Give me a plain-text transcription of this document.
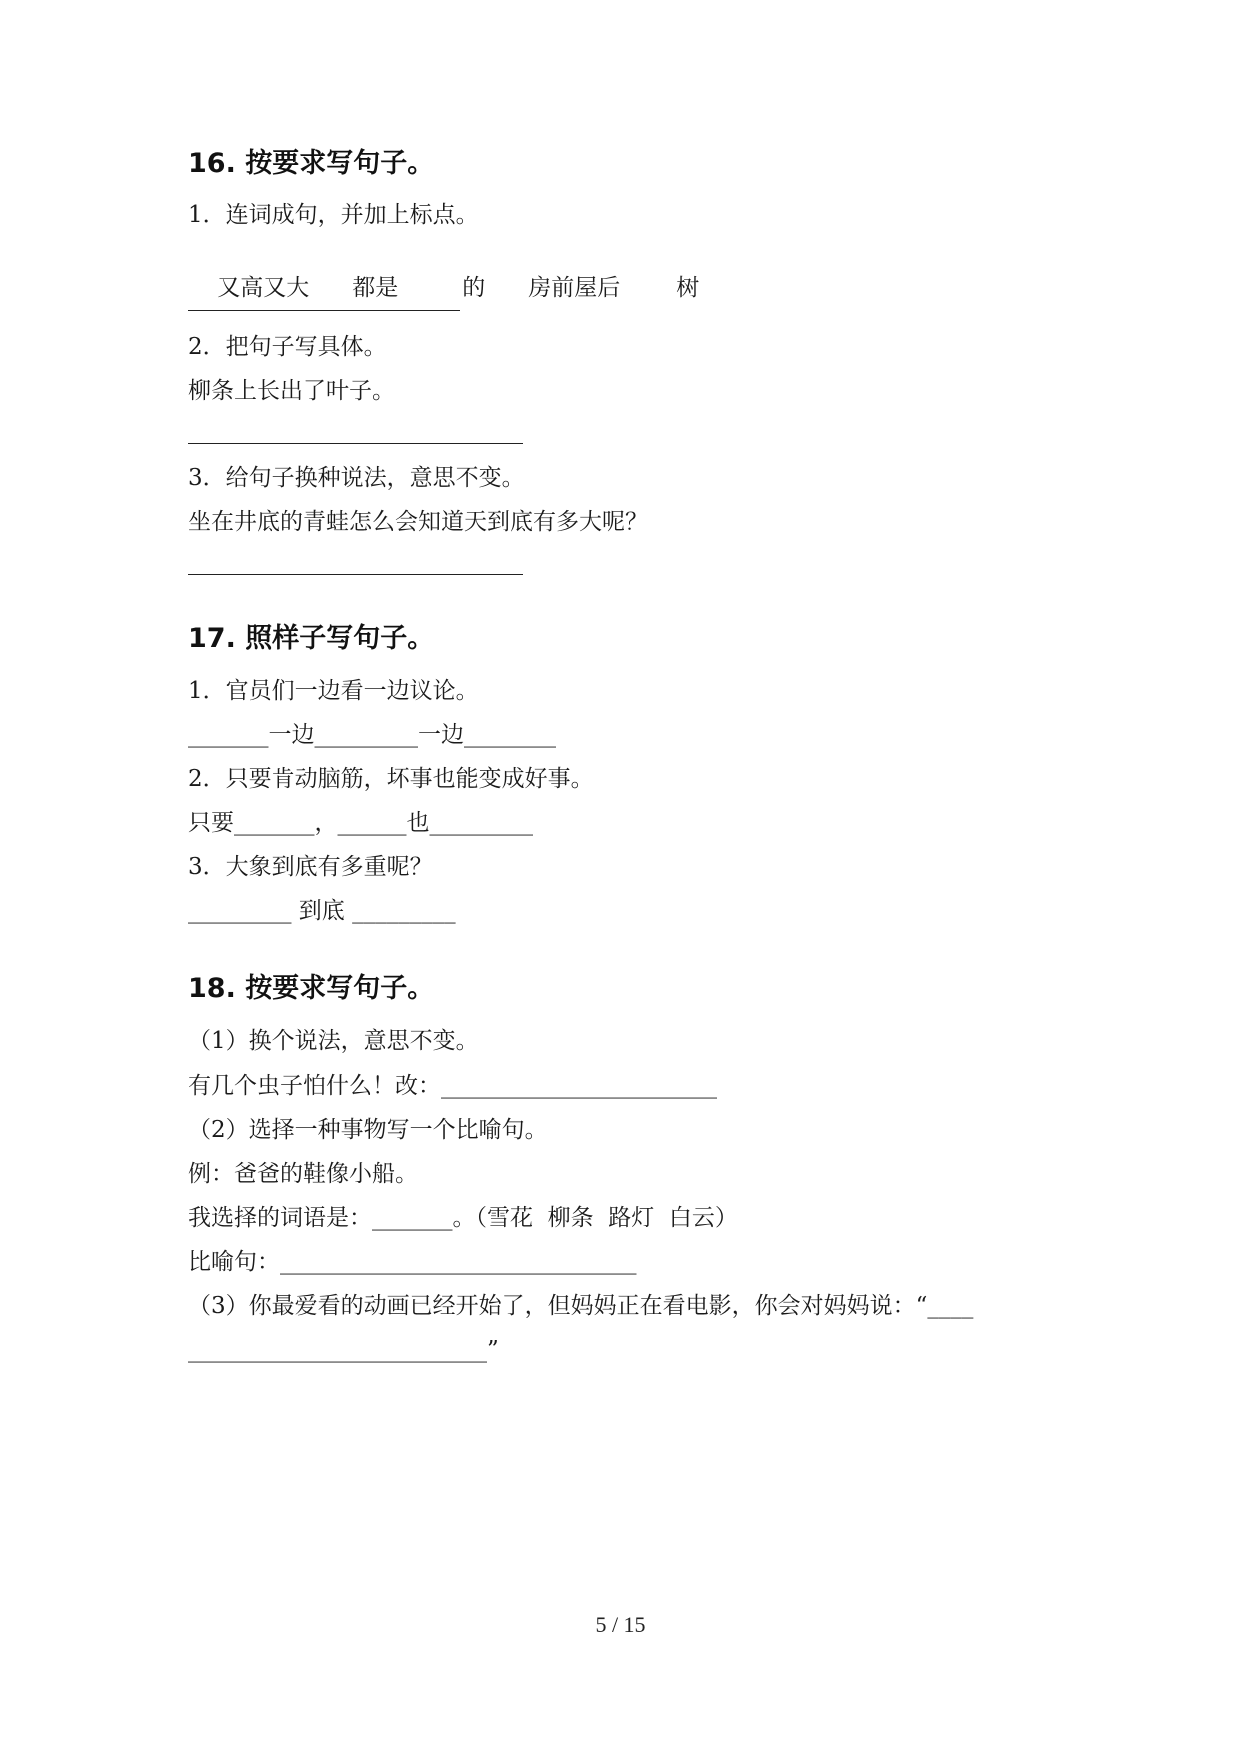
16. 按要求写句子。
1．连词成句，并加上标点。

又高又大 都是	的 房前屋后 树

2．把句子写具体。
柳条上长出了叶子。
3．给句子换种说法，意思不变。
坐在井底的青蛙怎么会知道天到底有多大呢？
17. 照样子写句子。
1．官员们一边看一边议论。
_______一边_________一边________
2．只要肯动脑筋，坏事也能变成好事。
只要_______，______也_________
3．大象到底有多重呢？
_________ 到底 _________
18. 按要求写句子。
（1）换个说法，意思不变。
有几个虫子怕什么！改：________________________
（2）选择一种事物写一个比喻句。
例：爸爸的鞋像小船。
我选择的词语是：_______。（雪花  柳条  路灯  白云）
比喻句：_______________________________
（3）你最爱看的动画已经开始了，但妈妈正在看电影，你会对妈妈说：“____
__________________________”
5 / 15
